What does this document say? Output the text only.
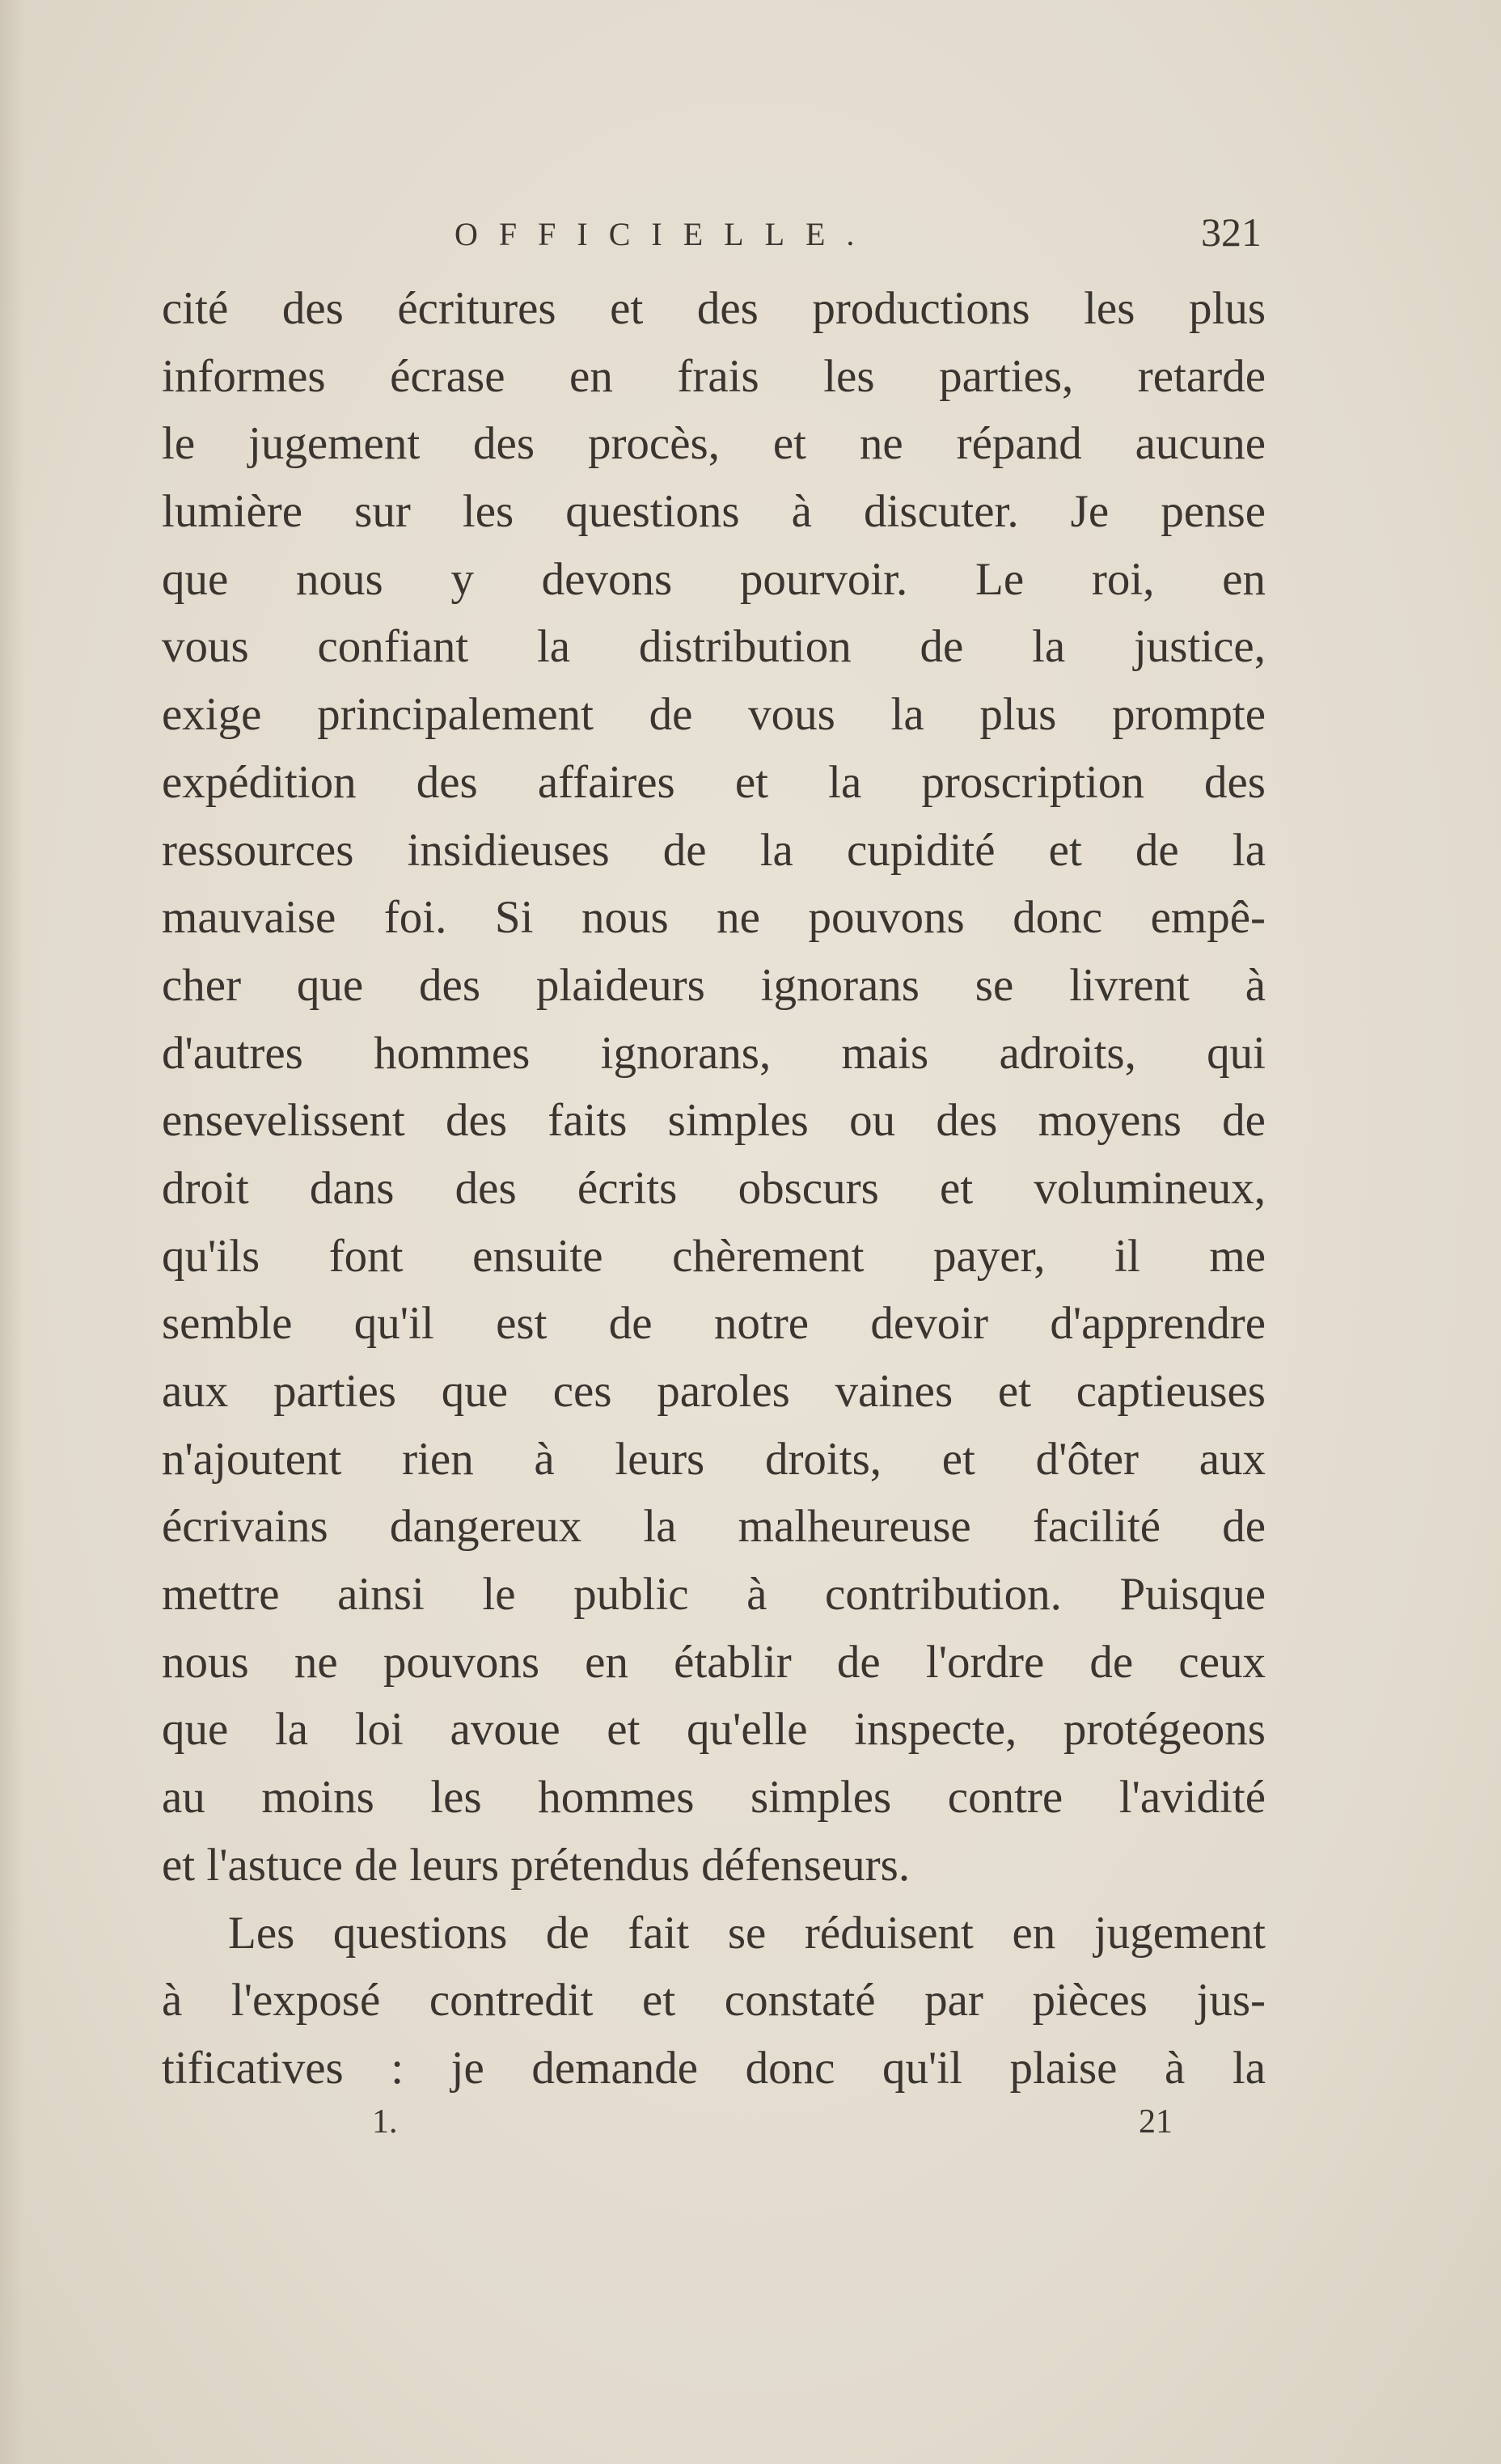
OFFICIELLE.	321
cité des écritures et des productions les plus
informes écrase en frais les parties, retarde
le jugement des procès, et ne répand aucune
lumière sur les questions à discuter. Je pense
que nous y devons pourvoir. Le roi, en
vous confiant la distribution de la justice,
exige principalement de vous la plus prompte
expédition des affaires et la proscription des
ressources insidieuses de la cupidité et de la
mauvaise foi. Si nous ne pouvons donc empê-
cher que des plaideurs ignorans se livrent à
d'autres hommes ignorans, mais adroits, qui
ensevelissent des faits simples ou des moyens de
droit dans des écrits obscurs et volumineux,
qu'ils font ensuite chèrement payer, il me
semble qu'il est de notre devoir d'apprendre
aux parties que ces paroles vaines et captieuses
n'ajoutent rien à leurs droits, et d'ôter aux
écrivains dangereux la malheureuse facilité de
mettre ainsi le public à contribution. Puisque
nous ne pouvons en établir de l'ordre de ceux
que la loi avoue et qu'elle inspecte, protégeons
au moins les hommes simples contre l'avidité
et l'astuce de leurs prétendus défenseurs.
Les questions de fait se réduisent en jugement
à l'exposé contredit et constaté par pièces jus-
tificatives : je demande donc qu'il plaise à la
1.	21
